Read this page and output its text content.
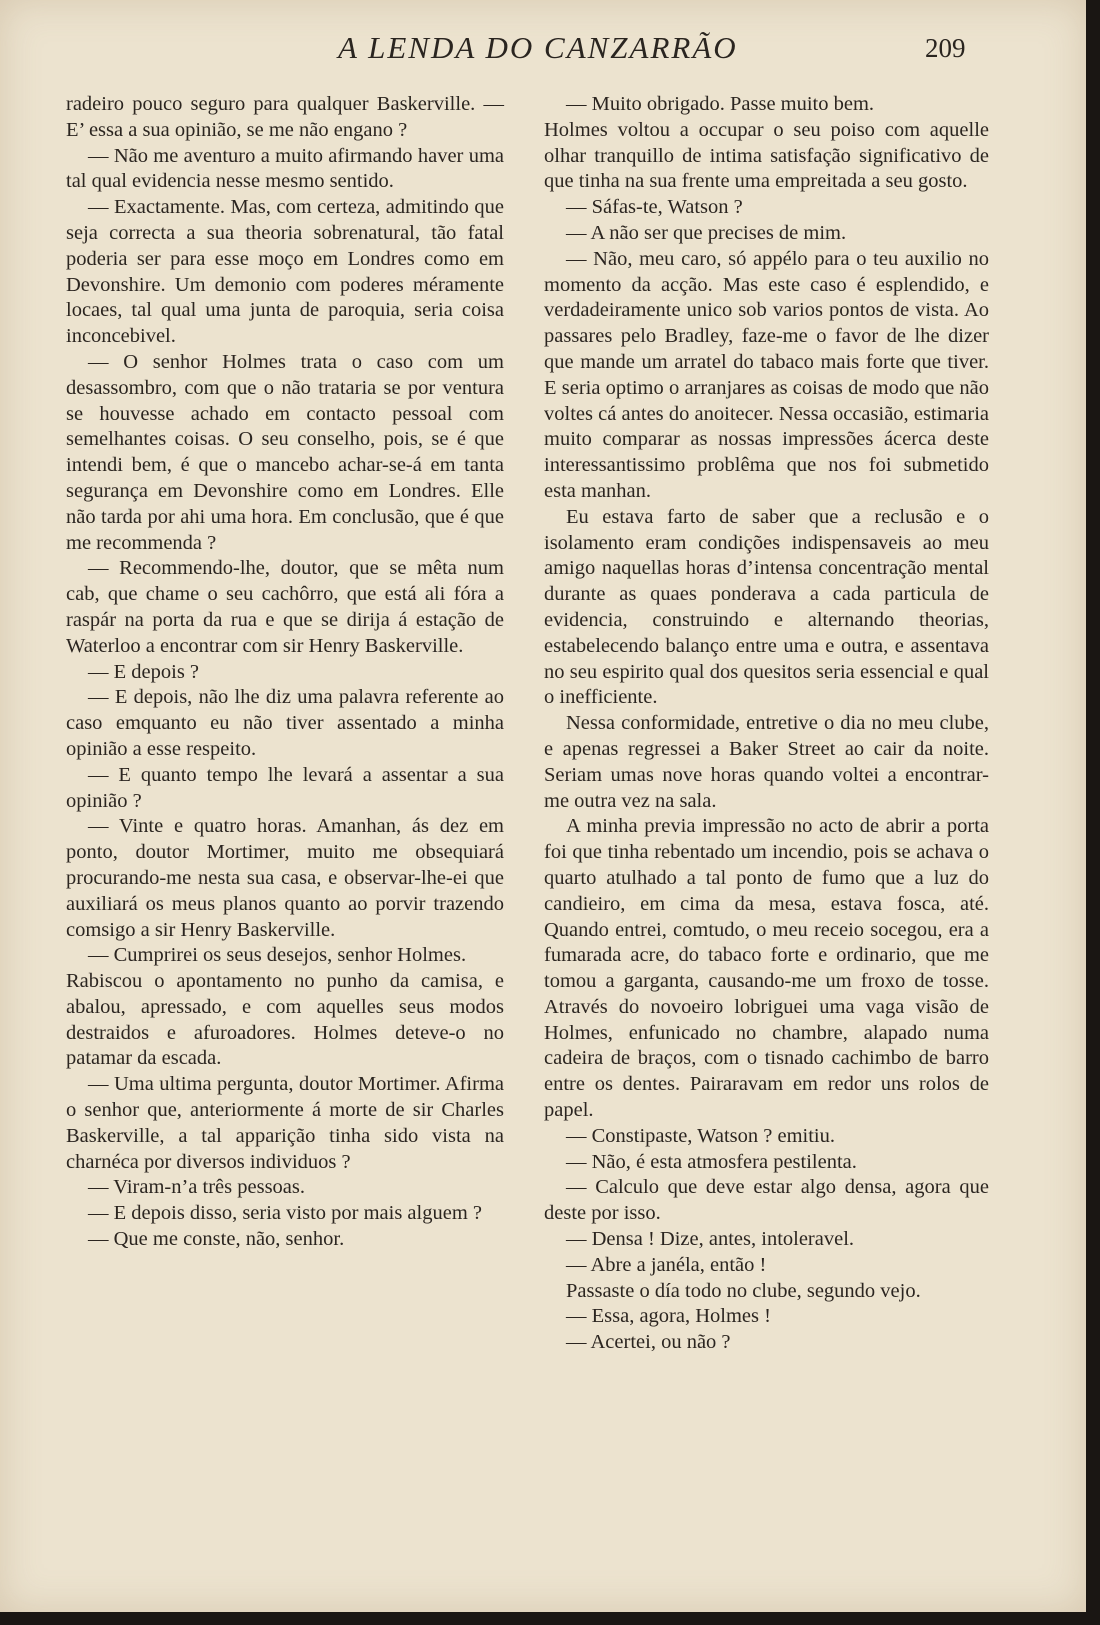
A LENDA DO CANZARRÃO	209

radeiro pouco seguro para qualquer Baskerville. — E’ essa a sua opinião, se me não engano ?

— Não me aventuro a muito afirmando haver uma tal qual evidencia nesse mesmo sentido.

— Exactamente. Mas, com certeza, admitindo que seja correcta a sua theoria sobrenatural, tão fatal poderia ser para esse moço em Londres como em Devonshire. Um demonio com poderes méramente locaes, tal qual uma junta de paroquia, seria coisa inconcebivel.

— O senhor Holmes trata o caso com um desassombro, com que o não trataria se por ventura se houvesse achado em contacto pessoal com semelhantes coisas. O seu conselho, pois, se é que intendi bem, é que o mancebo achar-se-á em tanta segurança em Devonshire como em Londres. Elle não tarda por ahi uma hora. Em conclusão, que é que me recommenda ?

— Recommendo-lhe, doutor, que se mêta num cab, que chame o seu cachôrro, que está ali fóra a raspár na porta da rua e que se dirija á estação de Waterloo a encontrar com sir Henry Baskerville.

— E depois ?

— E depois, não lhe diz uma palavra referente ao caso emquanto eu não tiver assentado a minha opinião a esse respeito.

— E quanto tempo lhe levará a assentar a sua opinião ?

— Vinte e quatro horas. Amanhan, ás dez em ponto, doutor Mortimer, muito me obsequiará procurando-me nesta sua casa, e observar-lhe-ei que auxiliará os meus planos quanto ao porvir trazendo comsigo a sir Henry Baskerville.

— Cumprirei os seus desejos, senhor Holmes.

Rabiscou o apontamento no punho da camisa, e abalou, apressado, e com aquelles seus modos destraidos e afuroadores. Holmes deteve-o no patamar da escada.

— Uma ultima pergunta, doutor Mortimer. Afirma o senhor que, anteriormente á morte de sir Charles Baskerville, a tal apparição tinha sido vista na charnéca por diversos individuos ?

— Viram-n’a três pessoas.

— E depois disso, seria visto por mais alguem ?

— Que me conste, não, senhor.

— Muito obrigado. Passe muito bem.

Holmes voltou a occupar o seu poiso com aquelle olhar tranquillo de intima satisfação significativo de que tinha na sua frente uma empreitada a seu gosto.

— Sáfas-te, Watson ?

— A não ser que precises de mim.

— Não, meu caro, só appélo para o teu auxilio no momento da acção. Mas este caso é esplendido, e verdadeiramente unico sob varios pontos de vista. Ao passares pelo Bradley, faze-me o favor de lhe dizer que mande um arratel do tabaco mais forte que tiver. E seria optimo o arranjares as coisas de modo que não voltes cá antes do anoitecer. Nessa occasião, estimaria muito comparar as nossas impressões ácerca deste interessantissimo problêma que nos foi submetido esta manhan.

Eu estava farto de saber que a reclusão e o isolamento eram condições indispensaveis ao meu amigo naquellas horas d’intensa concentração mental durante as quaes ponderava a cada particula de evidencia, construindo e alternando theorias, estabelecendo balanço entre uma e outra, e assentava no seu espirito qual dos quesitos seria essencial e qual o inefficiente.

Nessa conformidade, entretive o dia no meu clube, e apenas regressei a Baker Street ao cair da noite. Seriam umas nove horas quando voltei a encontrar-me outra vez na sala.

A minha previa impressão no acto de abrir a porta foi que tinha rebentado um incendio, pois se achava o quarto atulhado a tal ponto de fumo que a luz do candieiro, em cima da mesa, estava fosca, até. Quando entrei, comtudo, o meu receio socegou, era a fumarada acre, do tabaco forte e ordinario, que me tomou a garganta, causando-me um froxo de tosse. Através do novoeiro lobriguei uma vaga visão de Holmes, enfunicado no chambre, alapado numa cadeira de braços, com o tisnado cachimbo de barro entre os dentes. Pairaravam em redor uns rolos de papel.

— Constipaste, Watson ? emitiu.

— Não, é esta atmosfera pestilenta.

— Calculo que deve estar algo densa, agora que deste por isso.

— Densa ! Dize, antes, intoleravel.

— Abre a janéla, então !

Passaste o día todo no clube, segundo vejo.

— Essa, agora, Holmes !

— Acertei, ou não ?
